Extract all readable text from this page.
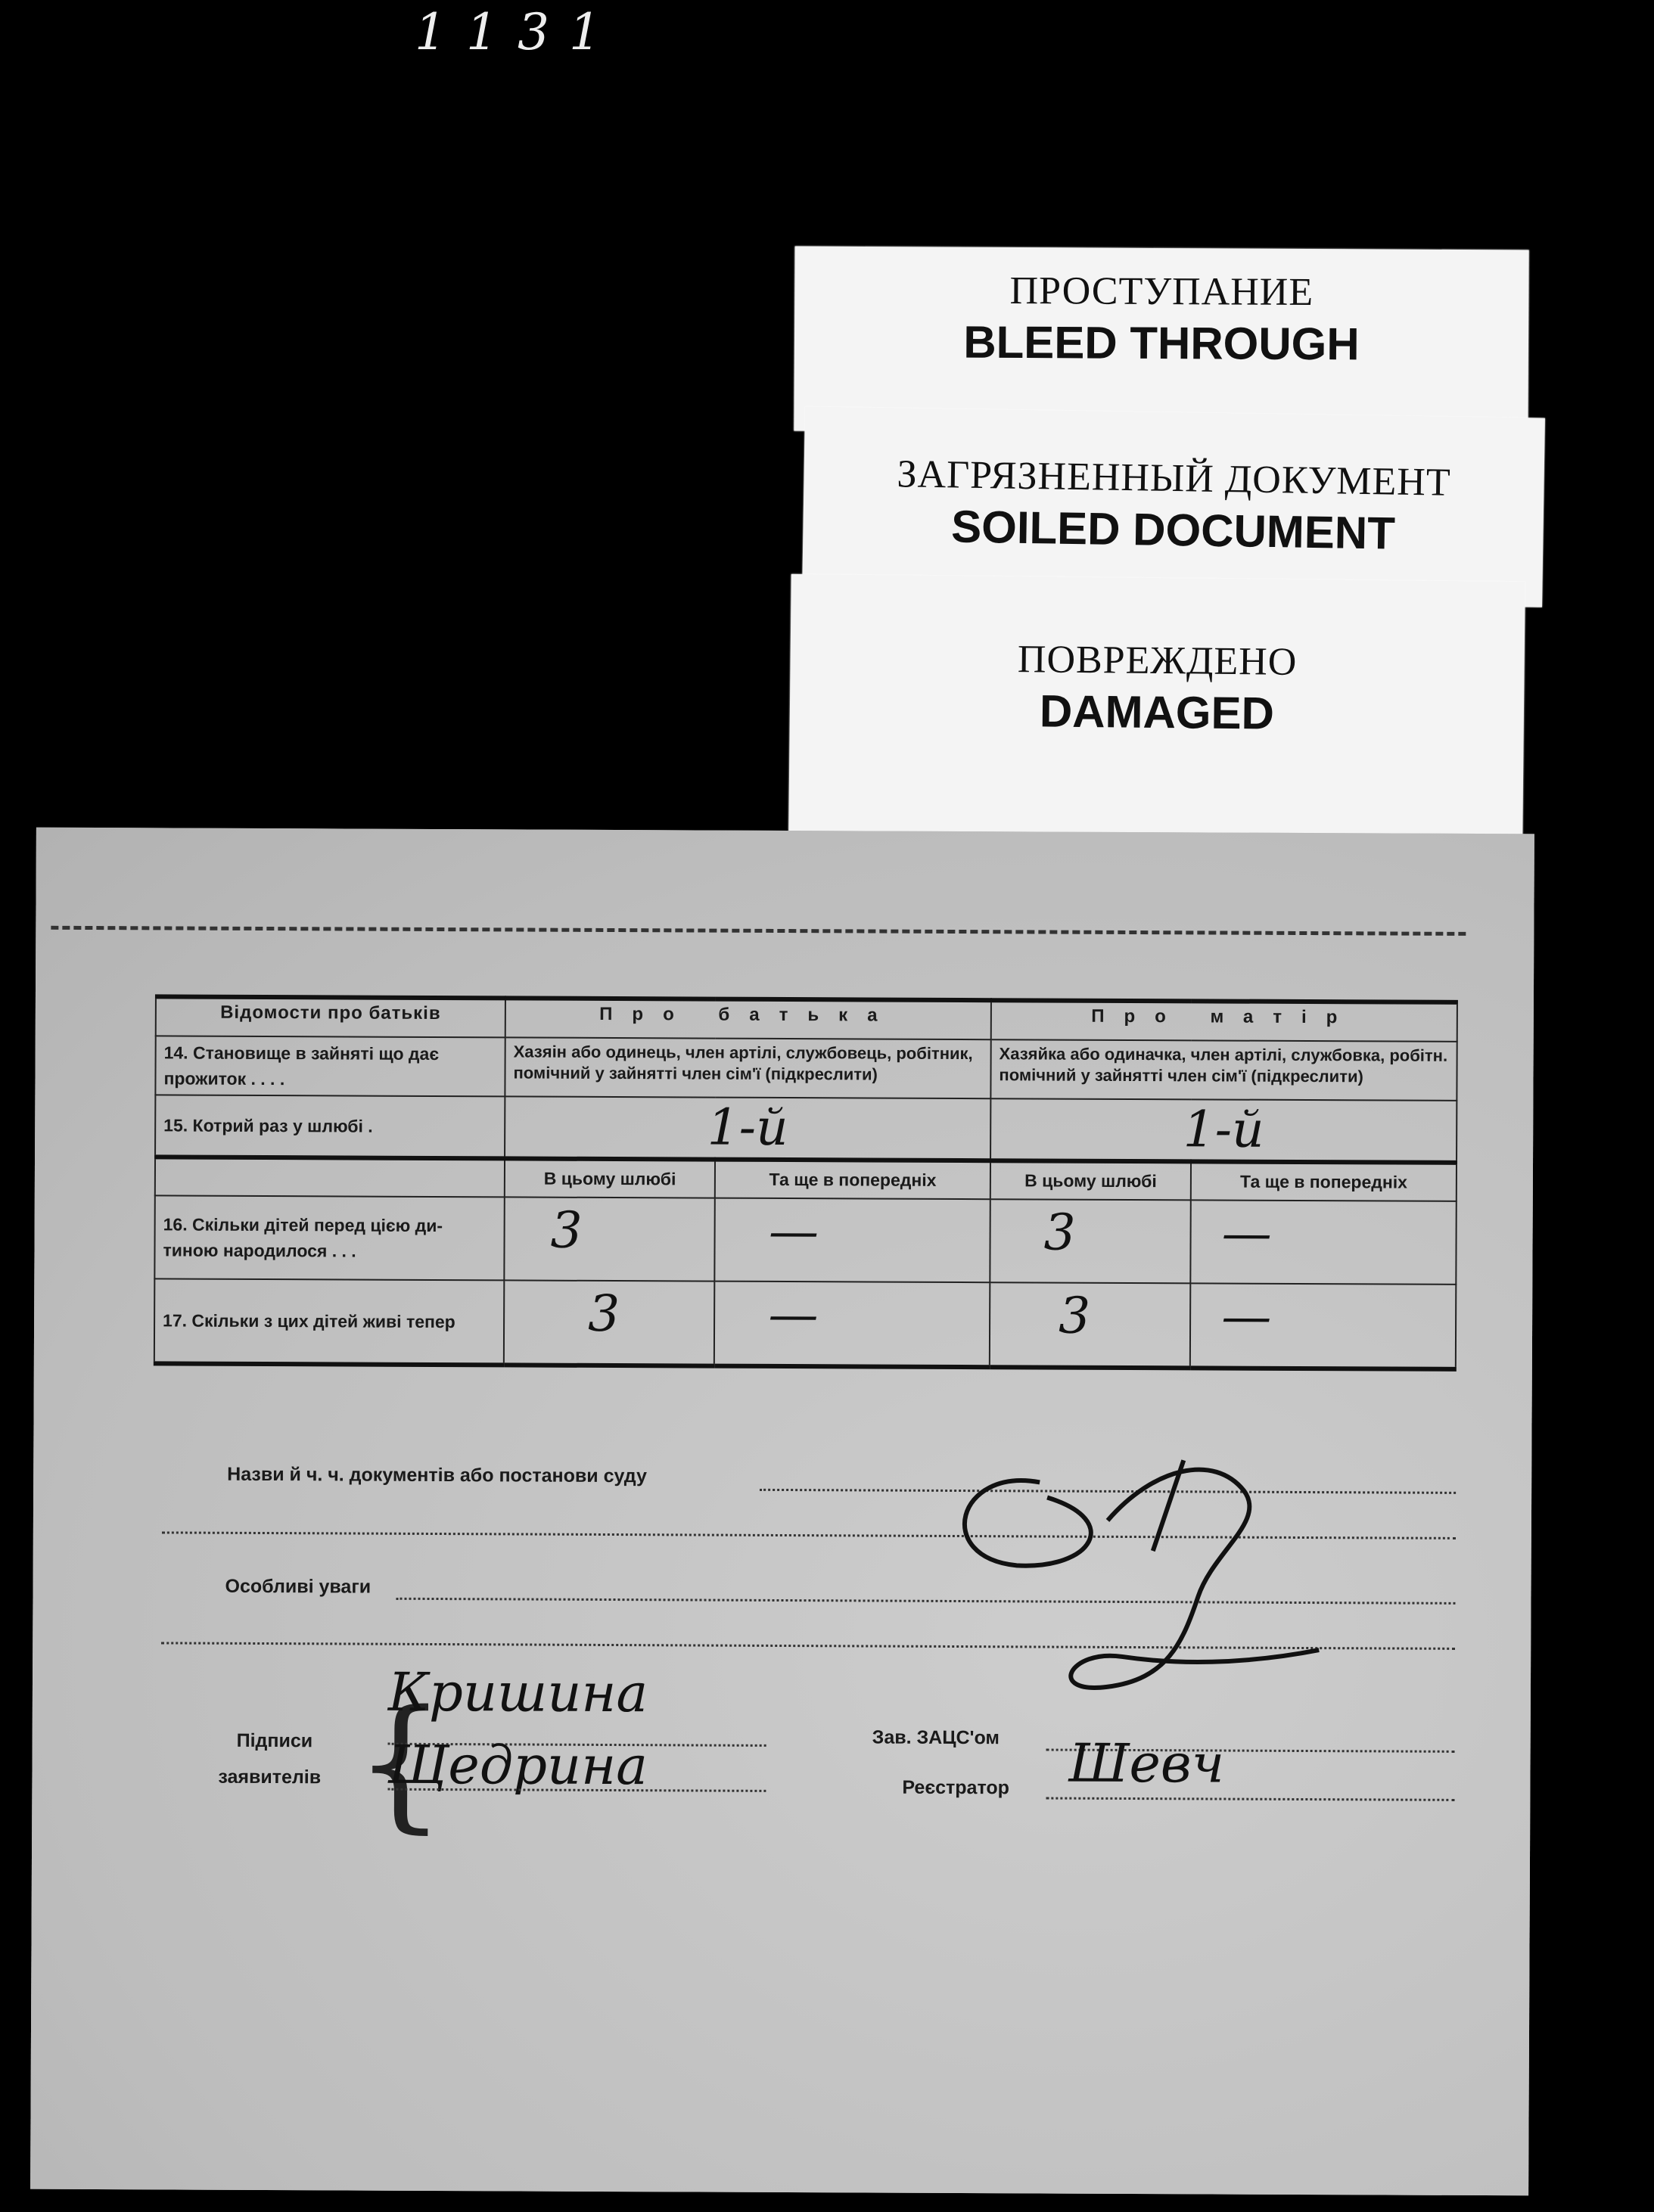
1131
ПРОСТУПАНИЕ
BLEED THROUGH
ЗАГРЯЗНЕННЫЙ ДОКУМЕНТ
SOILED DOCUMENT
ПОВРЕЖДЕНО
DAMAGED
Відомости про батьків	Про батька		Про матір	

14. Становище в зайняті що дає
прожиток . . . .	Хазяін або одинець, член артілі, службовець, робітник, помічний у зайнятті член сім'ї (підкреслити)		Хазяйка або одиначка, член артілі, службовка, робітн. помічний у зайнятті член сім'ї (підкреслити)	
15. Котрий раз у шлюбі .	1-й		1-й	
	В цьому шлюбі	Та ще в попередніх	В цьому шлюбі	Та ще в попередніх

16. Скільки дітей перед цією ди-
тиною народилося . . .	3	—	3	—

17. Скільки з цих дітей живі тепер	3	—	3	—
Назви й ч. ч. документів або постанови суду
Особливі уваги
Підписи
заявителів {
Кришина
Щедрина	Зав. ЗАЦС'ом
Реєстратор Шевч
